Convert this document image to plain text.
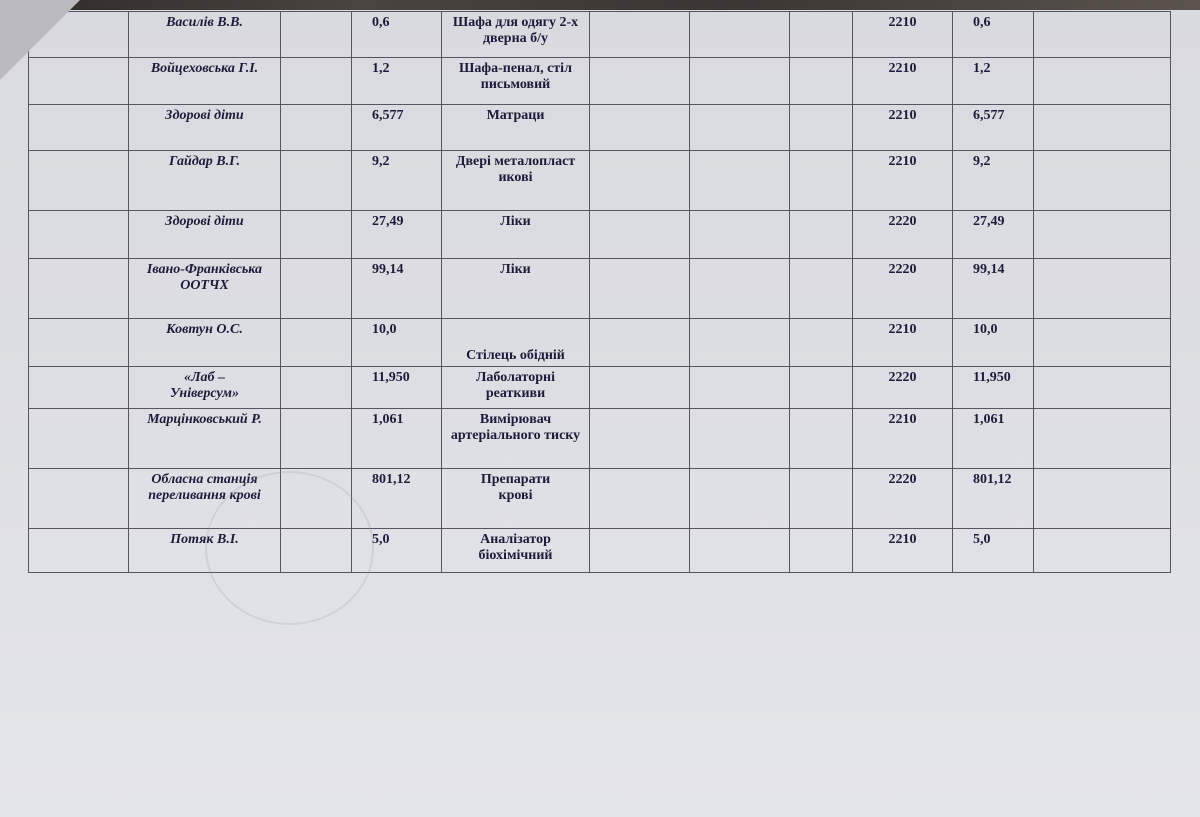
	Василів В.В.		0,6	Шафа для одягу 2-х дверна б/у				2210	0,6	
	Войцеховська Г.І.		1,2	Шафа-пенал, стіл письмовий				2210	1,2	
	Здорові діти		6,577	Матраци				2210	6,577	
	Гайдар В.Г.		9,2	Двері металопластикові				2210	9,2	
	Здорові діти		27,49	Ліки				2220	27,49	
	Івано-Франківська ООТЧХ		99,14	Ліки				2220	99,14	
	Ковтун О.С.		10,0	Стілець обідній				2210	10,0	
	«Лаб – Універсум»		11,950	Лаболаторні реаткиви				2220	11,950	
	Марцінковський Р.		1,061	Вимірювач артеріального тиску				2210	1,061	
	Обласна станція переливання крові		801,12	Препарати крові				2220	801,12	
	Потяк В.І.		5,0	Аналізатор біохімічний				2210	5,0	
